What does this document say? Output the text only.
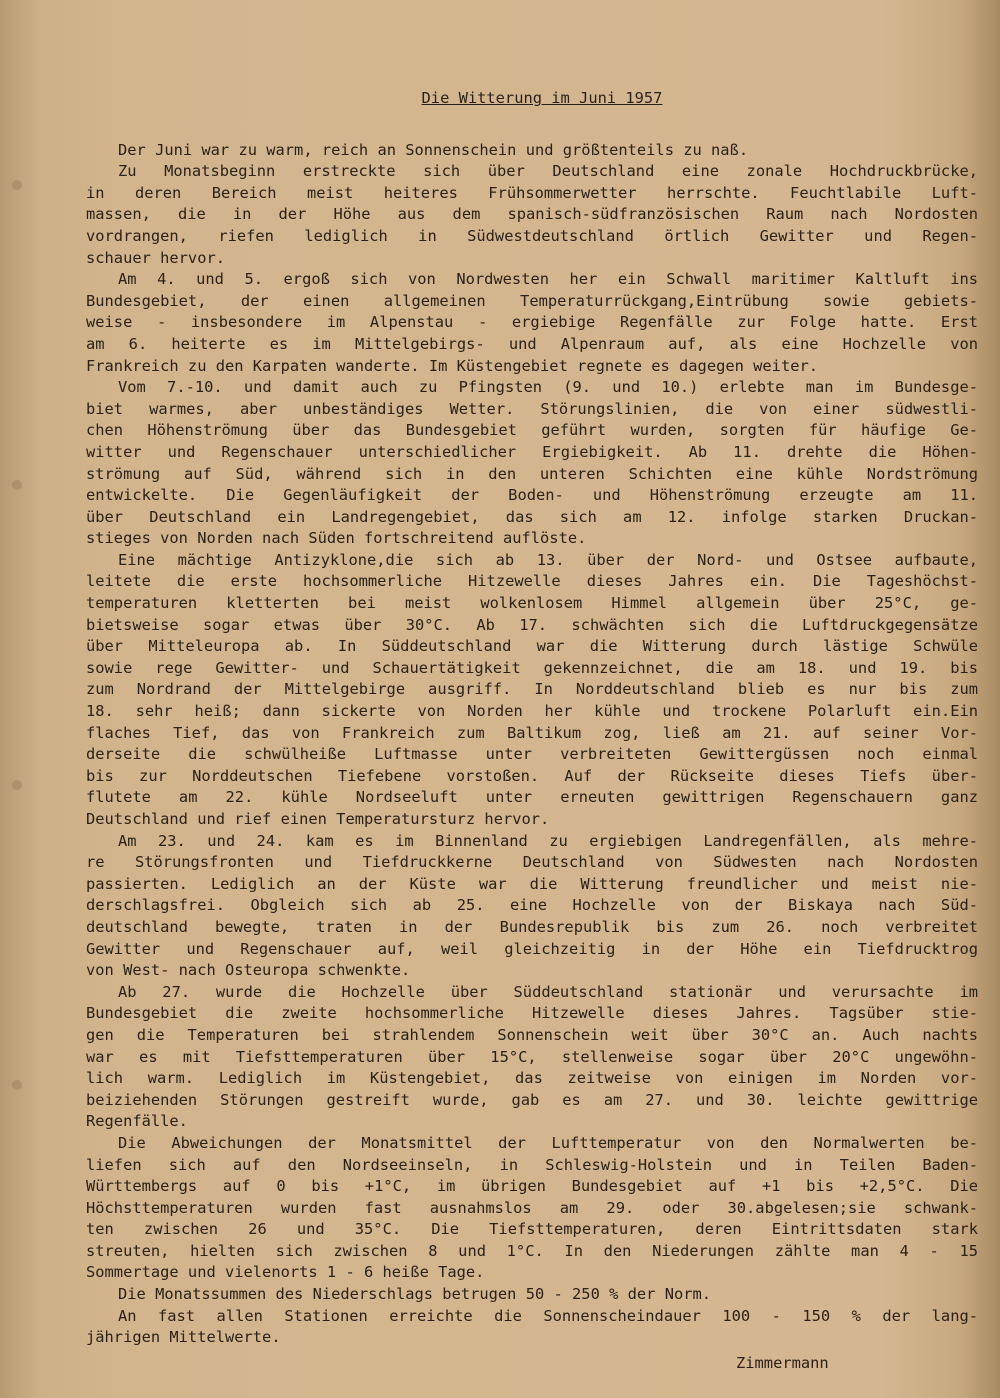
Die Witterung im Juni 1957
Der Juni war zu warm, reich an Sonnenschein und größtenteils zu naß.
Zu Monatsbeginn erstreckte sich über Deutschland eine zonale Hochdruckbrücke,
in deren Bereich meist heiteres Frühsommerwetter herrschte. Feuchtlabile Luft-
massen, die in der Höhe aus dem spanisch-südfranzösischen Raum nach Nordosten
vordrangen, riefen lediglich in Südwestdeutschland örtlich Gewitter und Regen-
schauer hervor.
Am 4. und 5. ergoß sich von Nordwesten her ein Schwall maritimer Kaltluft ins
Bundesgebiet, der einen allgemeinen Temperaturrückgang,Eintrübung sowie gebiets-
weise - insbesondere im Alpenstau - ergiebige Regenfälle zur Folge hatte. Erst
am 6. heiterte es im Mittelgebirgs- und Alpenraum auf, als eine Hochzelle von
Frankreich zu den Karpaten wanderte. Im Küstengebiet regnete es dagegen weiter.
Vom 7.-10. und damit auch zu Pfingsten (9. und 10.) erlebte man im Bundesge-
biet warmes, aber unbeständiges Wetter. Störungslinien, die von einer südwestli-
chen Höhenströmung über das Bundesgebiet geführt wurden, sorgten für häufige Ge-
witter und Regenschauer unterschiedlicher Ergiebigkeit. Ab 11. drehte die Höhen-
strömung auf Süd, während sich in den unteren Schichten eine kühle Nordströmung
entwickelte. Die Gegenläufigkeit der Boden- und Höhenströmung erzeugte am 11.
über Deutschland ein Landregengebiet, das sich am 12. infolge starken Druckan-
stieges von Norden nach Süden fortschreitend auflöste.
Eine mächtige Antizyklone,die sich ab 13. über der Nord- und Ostsee aufbaute,
leitete die erste hochsommerliche Hitzewelle dieses Jahres ein. Die Tageshöchst-
temperaturen kletterten bei meist wolkenlosem Himmel allgemein über 25°C, ge-
bietsweise sogar etwas über 30°C. Ab 17. schwächten sich die Luftdruckgegensätze
über Mitteleuropa ab. In Süddeutschland war die Witterung durch lästige Schwüle
sowie rege Gewitter- und Schauertätigkeit gekennzeichnet, die am 18. und 19. bis
zum Nordrand der Mittelgebirge ausgriff. In Norddeutschland blieb es nur bis zum
18. sehr heiß; dann sickerte von Norden her kühle und trockene Polarluft ein.Ein
flaches Tief, das von Frankreich zum Baltikum zog, ließ am 21. auf seiner Vor-
derseite die schwülheiße Luftmasse unter verbreiteten Gewittergüssen noch einmal
bis zur Norddeutschen Tiefebene vorstoßen. Auf der Rückseite dieses Tiefs über-
flutete am 22. kühle Nordseeluft unter erneuten gewittrigen Regenschauern ganz
Deutschland und rief einen Temperatursturz hervor.
Am 23. und 24. kam es im Binnenland zu ergiebigen Landregenfällen, als mehre-
re Störungsfronten und Tiefdruckkerne Deutschland von Südwesten nach Nordosten
passierten. Lediglich an der Küste war die Witterung freundlicher und meist nie-
derschlagsfrei. Obgleich sich ab 25. eine Hochzelle von der Biskaya nach Süd-
deutschland bewegte, traten in der Bundesrepublik bis zum 26. noch verbreitet
Gewitter und Regenschauer auf, weil gleichzeitig in der Höhe ein Tiefdrucktrog
von West- nach Osteuropa schwenkte.
Ab 27. wurde die Hochzelle über Süddeutschland stationär und verursachte im
Bundesgebiet die zweite hochsommerliche Hitzewelle dieses Jahres. Tagsüber stie-
gen die Temperaturen bei strahlendem Sonnenschein weit über 30°C an. Auch nachts
war es mit Tiefsttemperaturen über 15°C, stellenweise sogar über 20°C ungewöhn-
lich warm. Lediglich im Küstengebiet, das zeitweise von einigen im Norden vor-
beiziehenden Störungen gestreift wurde, gab es am 27. und 30. leichte gewittrige
Regenfälle.
Die Abweichungen der Monatsmittel der Lufttemperatur von den Normalwerten be-
liefen sich auf den Nordseeinseln, in Schleswig-Holstein und in Teilen Baden-
Württembergs auf 0 bis +1°C, im übrigen Bundesgebiet auf +1 bis +2,5°C. Die
Höchsttemperaturen wurden fast ausnahmslos am 29. oder 30.abgelesen;sie schwank-
ten zwischen 26 und 35°C. Die Tiefsttemperaturen, deren Eintrittsdaten stark
streuten, hielten sich zwischen 8 und 1°C. In den Niederungen zählte man 4 - 15
Sommertage und vielenorts 1 - 6 heiße Tage.
Die Monatssummen des Niederschlags betrugen 50 - 250 % der Norm.
An fast allen Stationen erreichte die Sonnenscheindauer 100 - 150 % der lang-
jährigen Mittelwerte.
Zimmermann
